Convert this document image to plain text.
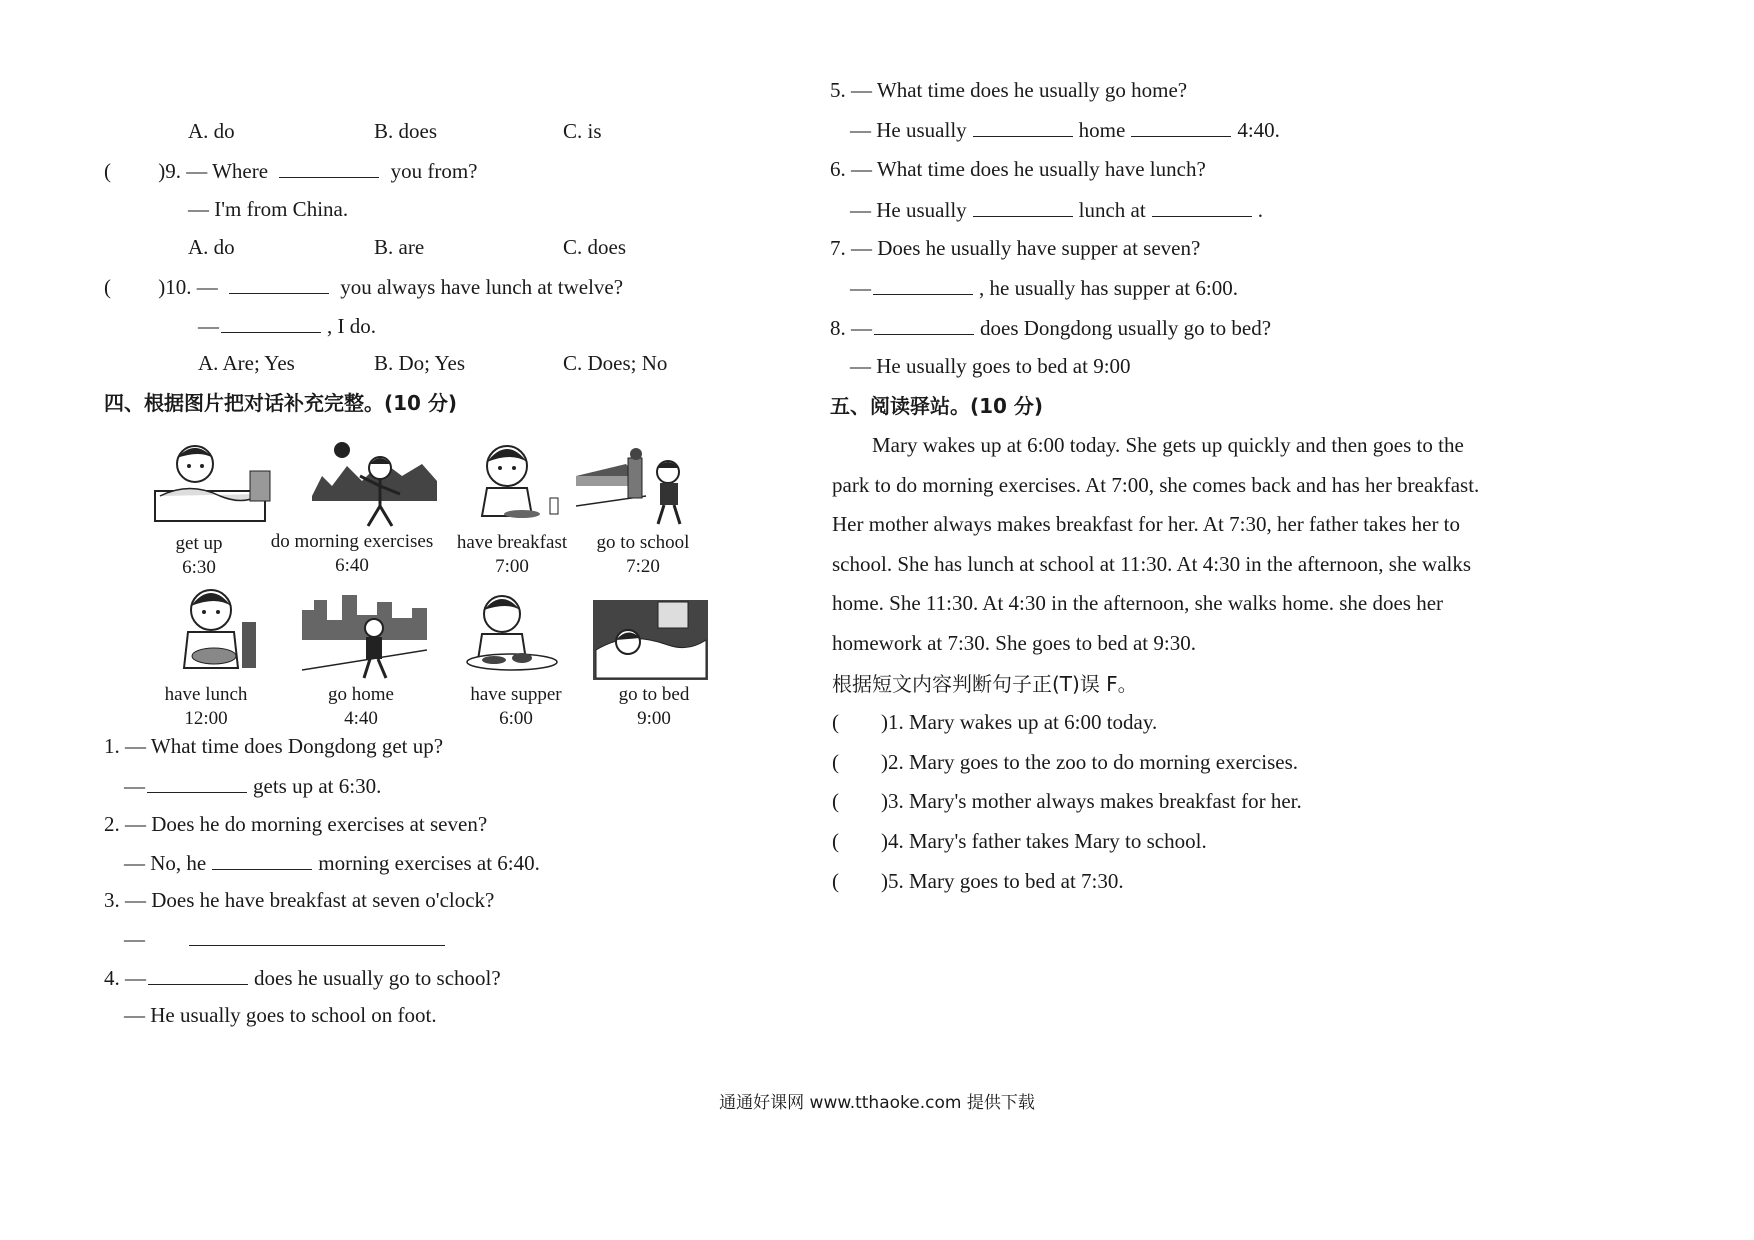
A. do	B. does	C. is
( )9. — Where	you from?
— I'm from China.
A. do	B. are	C. does
( )10. —	you always have lunch at twelve?
—	, I do.
A. Are; Yes	B. Do; Yes	C. Does; No
四、根据图片把对话补充完整。(10 分)
get up
6:30
do morning exercises
6:40
have breakfast
7:00
go to school
7:20
have lunch
12:00
go home
4:40
have supper
6:00
go to bed
9:00
1. — What time does Dongdong get up?
—	gets up at 6:30.
2. — Does he do morning exercises at seven?
— No, he	morning exercises at 6:40.
3. — Does he have breakfast at seven o'clock?
—
4. —	does he usually go to school?
— He usually goes to school on foot.
5. — What time does he usually go home?
— He usually	home	4:40.
6. — What time does he usually have lunch?
— He usually	lunch at	.
7. — Does he usually have supper at seven?
—	, he usually has supper at 6:00.
8. —	does Dongdong usually go to bed?
— He usually goes to bed at 9:00
五、阅读驿站。(10 分)
Mary wakes up at 6:00 today. She gets up quickly and then goes to the
park to do morning exercises. At 7:00, she comes back and has her breakfast.
Her mother always makes breakfast for her. At 7:30, her father takes her to
school. She has lunch at school at 11:30. At 4:30 in the afternoon, she walks
home. She 11:30. At 4:30 in the afternoon, she walks home. she does her
homework at 7:30. She goes to bed at 9:30.
根据短文内容判断句子正(T)误 F。
( )1. Mary wakes up at 6:00 today.
( )2. Mary goes to the zoo to do morning exercises.
( )3. Mary's mother always makes breakfast for her.
( )4. Mary's father takes Mary to school.
( )5. Mary goes to bed at 7:30.
通通好课网 www.tthaoke.com 提供下载
